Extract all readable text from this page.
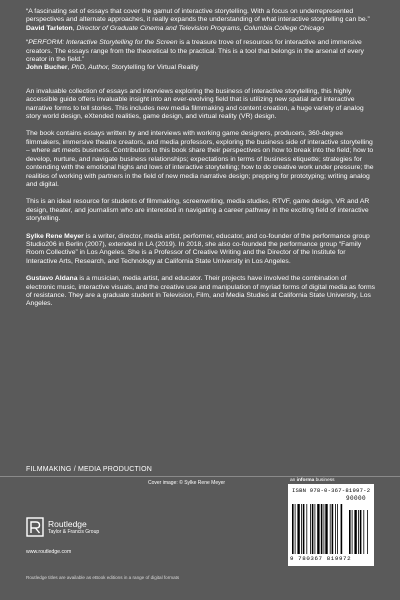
“A fascinating set of essays that cover the gamut of interactive storytelling. With a focus on underrepresented perspectives and alternate approaches, it really expands the understanding of what interactive storytelling can be.”
David Tarleton, Director of Graduate Cinema and Television Programs, Columbia College Chicago

“PERFORM: Interactive Storytelling for the Screen is a treasure trove of resources for interactive and immersive creators. The essays range from the theoretical to the practical. This is a tool that belongs in the arsenal of every creator in the field.”
John Bucher, PhD, Author, Storytelling for Virtual Reality

An invaluable collection of essays and interviews exploring the business of interactive storytelling, this highly accessible guide offers invaluable insight into an ever-evolving field that is utilizing new spatial and interactive narrative forms to tell stories. This includes new media filmmaking and content creation, a huge variety of analog story world design, eXtended realities, game design, and virtual reality (VR) design.

The book contains essays written by and interviews with working game designers, producers, 360-degree filmmakers, immersive theatre creators, and media professors, exploring the business side of interactive storytelling – where art meets business. Contributors to this book share their perspectives on how to break into the field; how to develop, nurture, and navigate business relationships; expectations in terms of business etiquette; strategies for contending with the emotional highs and lows of interactive storytelling; how to do creative work under pressure; the realities of working with partners in the field of new media narrative design; prepping for prototyping; writing analog and digital.

This is an ideal resource for students of filmmaking, screenwriting, media studies, RTVF, game design, VR and AR design, theater, and journalism who are interested in navigating a career pathway in the exciting field of interactive storytelling.

Sylke Rene Meyer is a writer, director, media artist, performer, educator, and co-founder of the performance group Studio206 in Berlin (2007), extended in LA (2019). In 2018, she also co-founded the performance group “Family Room Collective” in Los Angeles. She is a Professor of Creative Writing and the Director of the Institute for Interactive Arts, Research, and Technology at California State University in Los Angeles.

Gustavo Aldana is a musician, media artist, and educator. Their projects have involved the combination of electronic music, interactive visuals, and the creative use and manipulation of myriad forms of digital media as forms of resistance. They are a graduate student in Television, Film, and Media Studies at California State University, Los Angeles.

FILMMAKING / MEDIA PRODUCTION
Cover image: © Sylke Rene Meyer	an informa business
Routledge
Taylor & Francis Group
www.routledge.com
ISBN 978-0-367-81997-2
90000
9 780367 819972
Routledge titles are available as eBook editions in a range of digital formats
